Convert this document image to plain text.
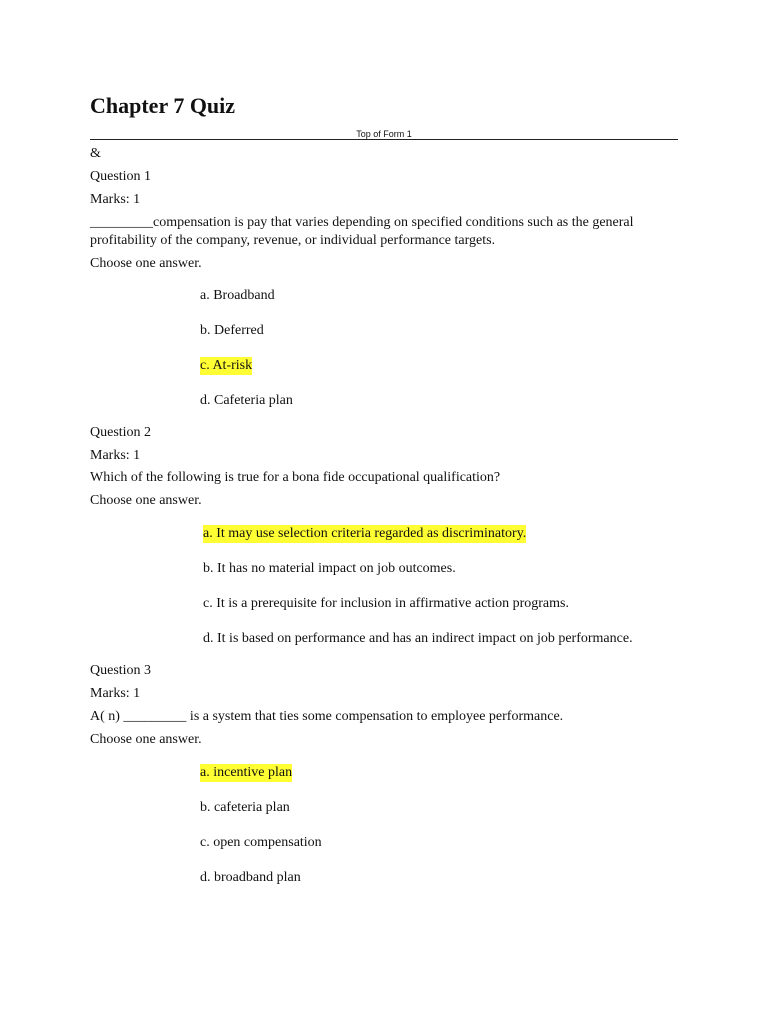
Chapter 7 Quiz
Top of Form 1
&
Question 1
Marks: 1
_________compensation is pay that varies depending on specified conditions such as the general profitability of the company, revenue, or individual performance targets.
Choose one answer.
a. Broadband
b. Deferred
c. At-risk
d. Cafeteria plan
Question 2
Marks: 1
Which of the following is true for a bona fide occupational qualification?
Choose one answer.
a. It may use selection criteria regarded as discriminatory.
b. It has no material impact on job outcomes.
c. It is a prerequisite for inclusion in affirmative action programs.
d. It is based on performance and has an indirect impact on job performance.
Question 3
Marks: 1
A( n) _________ is a system that ties some compensation to employee performance.
Choose one answer.
a. incentive plan
b. cafeteria plan
c. open compensation
d. broadband plan
